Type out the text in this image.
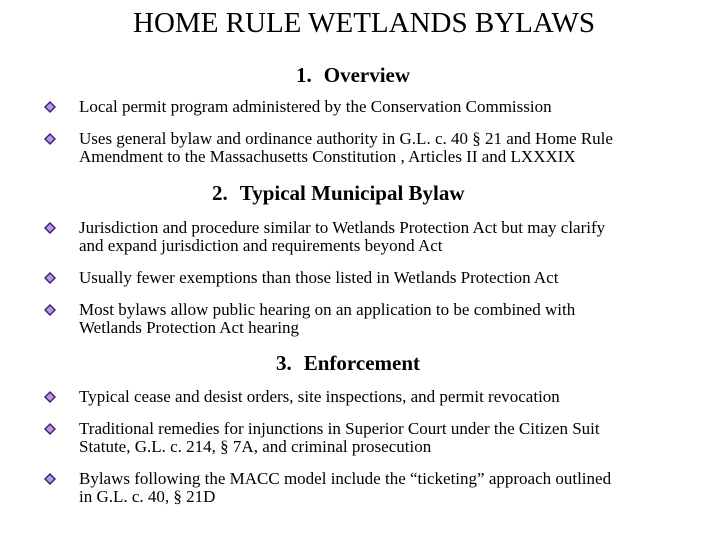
HOME RULE WETLANDS BYLAWS
1. Overview
Local permit program administered by the Conservation Commission
Uses general bylaw and ordinance authority in G.L. c. 40 § 21 and Home Rule
Amendment to the Massachusetts Constitution , Articles II and LXXXIX
2. Typical Municipal Bylaw
Jurisdiction and procedure similar to Wetlands Protection Act but may clarify
and expand jurisdiction and requirements beyond Act
Usually fewer exemptions than those listed in Wetlands Protection Act
Most bylaws allow public hearing on an application to be combined with
Wetlands Protection Act hearing
3. Enforcement
Typical cease and desist orders, site inspections, and permit revocation
Traditional remedies for injunctions in Superior Court under the Citizen Suit
Statute, G.L. c. 214, § 7A, and criminal prosecution
Bylaws following the MACC model include the “ticketing” approach outlined
in G.L. c. 40, § 21D
